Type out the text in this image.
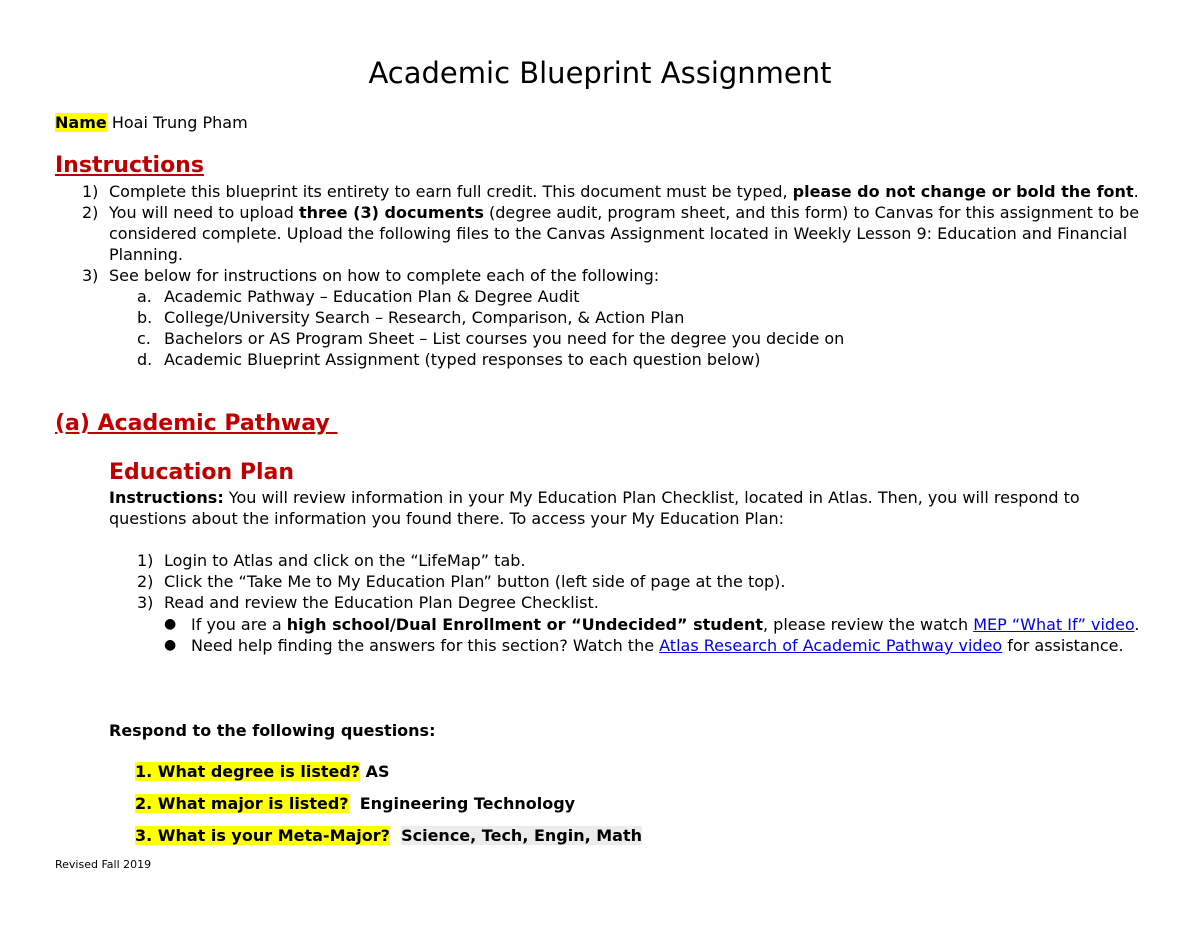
Academic Blueprint Assignment
Name Hoai Trung Pham
Instructions
1) Complete this blueprint its entirety to earn full credit. This document must be typed, please do not change or bold the font.
2) You will need to upload three (3) documents (degree audit, program sheet, and this form) to Canvas for this assignment to be considered complete. Upload the following files to the Canvas Assignment located in Weekly Lesson 9: Education and Financial Planning.
3) See below for instructions on how to complete each of the following:
a. Academic Pathway – Education Plan & Degree Audit
b. College/University Search – Research, Comparison, & Action Plan
c. Bachelors or AS Program Sheet – List courses you need for the degree you decide on
d. Academic Blueprint Assignment (typed responses to each question below)
(a) Academic Pathway
Education Plan

Instructions: You will review information in your My Education Plan Checklist, located in Atlas. Then, you will respond to questions about the information you found there. To access your My Education Plan:

1) Login to Atlas and click on the “LifeMap” tab.
2) Click the “Take Me to My Education Plan” button (left side of page at the top).
3) Read and review the Education Plan Degree Checklist.
● If you are a high school/Dual Enrollment or “Undecided” student, please review the watch MEP “What If” video.
● Need help finding the answers for this section? Watch the Atlas Research of Academic Pathway video for assistance.
Respond to the following questions:
1. What degree is listed? AS
2. What major is listed? Engineering Technology
3. What is your Meta-Major? Science, Tech, Engin, Math
Revised Fall 2019
